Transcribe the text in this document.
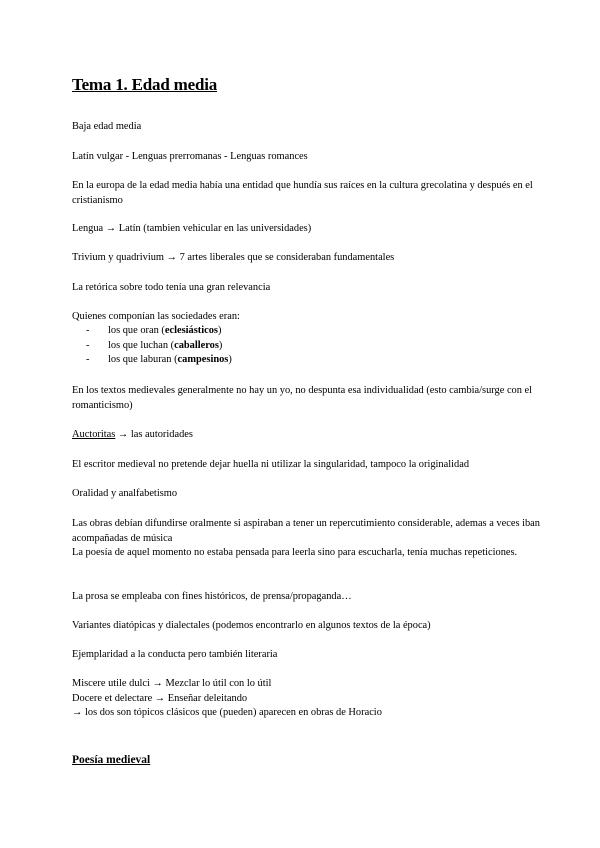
Tema 1. Edad media

Baja edad media

Latín vulgar - Lenguas prerromanas - Lenguas romances

En la europa de la edad media había una entidad que hundía sus raíces en la cultura grecolatina y después en el cristianismo

Lengua → Latín (tambien vehicular en las universidades)

Trivium y quadrivium → 7 artes liberales que se consideraban fundamentales

La retórica sobre todo tenía una gran relevancia

Quienes componían las sociedades eran:

- los que oran (eclesiásticos)
- los que luchan (caballeros)
- los que laburan (campesinos)

En los textos medievales generalmente no hay un yo, no despunta esa individualidad (esto cambia/surge con el romanticismo)

Auctoritas → las autoridades

El escritor medieval no pretende dejar huella ni utilizar la singularidad, tampoco la originalidad

Oralidad y analfabetismo

Las obras debían difundirse oralmente si aspiraban a tener un repercutimiento considerable, ademas a veces iban acompañadas de música

La poesía de aquel momento no estaba pensada para leerla sino para escucharla, tenía muchas repeticiones.

La prosa se empleaba con fines históricos, de prensa/propaganda…

Variantes diatópicas y dialectales (podemos encontrarlo en algunos textos de la época)

Ejemplaridad a la conducta pero también literaria

Miscere utile dulci → Mezclar lo útil con lo útil

Docere et delectare → Enseñar deleitando

→ los dos son tópicos clásicos que (pueden) aparecen en obras de Horacio

Poesía medieval
